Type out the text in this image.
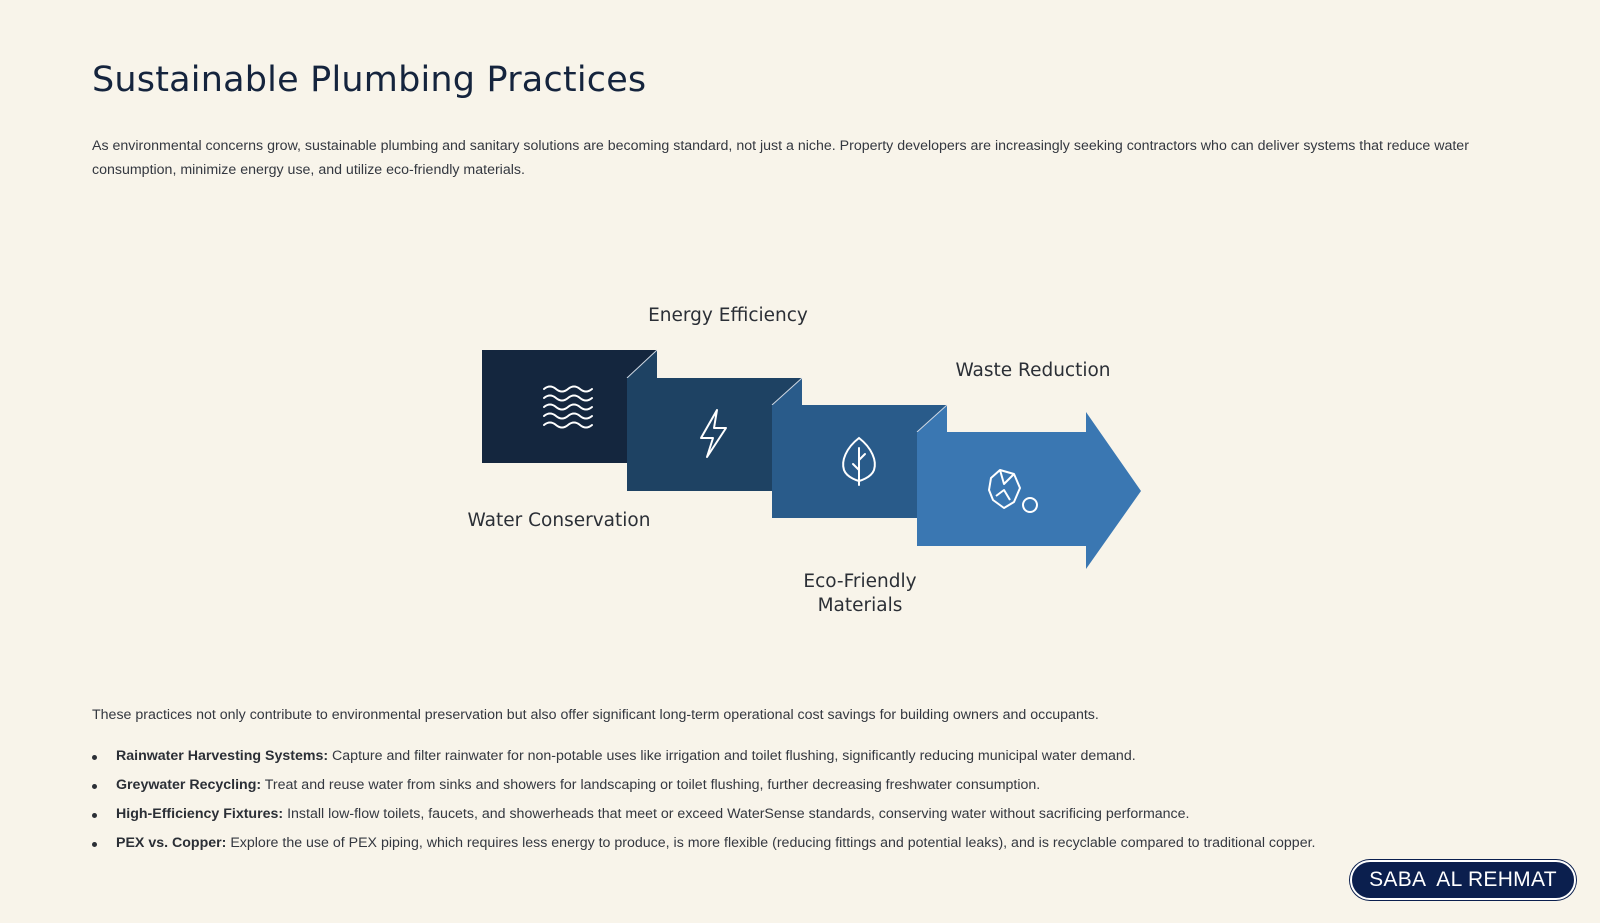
Sustainable Plumbing Practices

As environmental concerns grow, sustainable plumbing and sanitary solutions are becoming standard, not just a niche. Property developers are increasingly seeking contractors who can deliver systems that reduce water consumption, minimize energy use, and utilize eco-friendly materials.

Energy Efficiency
Waste Reduction
Water Conservation
Eco-Friendly
Materials

These practices not only contribute to environmental preservation but also offer significant long-term operational cost savings for building owners and occupants.

Rainwater Harvesting Systems: Capture and filter rainwater for non-potable uses like irrigation and toilet flushing, significantly reducing municipal water demand.
Greywater Recycling: Treat and reuse water from sinks and showers for landscaping or toilet flushing, further decreasing freshwater consumption.
High-Efficiency Fixtures: Install low-flow toilets, faucets, and showerheads that meet or exceed WaterSense standards, conserving water without sacrificing performance.
PEX vs. Copper: Explore the use of PEX piping, which requires less energy to produce, is more flexible (reducing fittings and potential leaks), and is recyclable compared to traditional copper.
SABA  AL REHMAT
